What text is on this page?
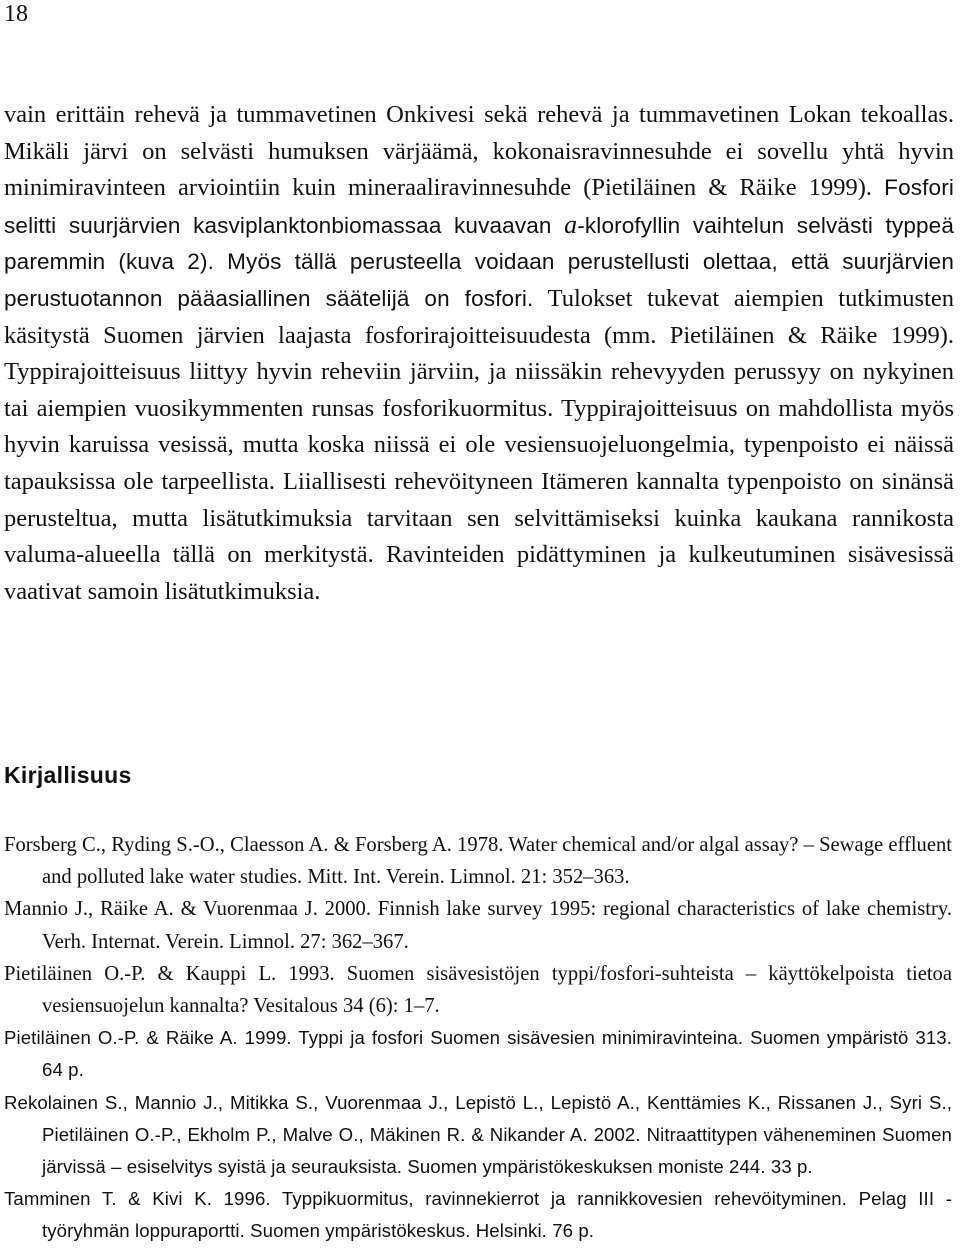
18
vain erittäin rehevä ja tummavetinen Onkivesi sekä rehevä ja tummavetinen Lokan tekoallas. Mikäli järvi on selvästi humuksen värjäämä, kokonaisravinnesuhde ei sovellu yhtä hyvin minimiravinteen arviointiin kuin mineraaliravinnesuhde (Pietiläinen & Räike 1999). Fosfori selitti suurjärvien kasviplanktonbiomassaa kuvaavan a-klorofyllin vaihtelun selvästi typpeä paremmin (kuva 2). Myös tällä perusteella voidaan perustellusti olettaa, että suurjärvien perustuotannon pääasiallinen säätelijä on fosfori. Tulokset tukevat aiempien tutkimusten käsitystä Suomen järvien laajasta fosforirajoitteisuudesta (mm. Pietiläinen & Räike 1999). Typpirajoitteisuus liittyy hyvin reheviin järviin, ja niissäkin rehevyyden perussyy on nykyinen tai aiempien vuosikymmenten runsas fosforikuormitus. Typpirajoitteisuus on mahdollista myös hyvin karuissa vesissä, mutta koska niissä ei ole vesiensuojeluongelmia, typenpoisto ei näissä tapauksissa ole tarpeellista. Liiallisesti rehevöityneen Itämeren kannalta typenpoisto on sinänsä perusteltua, mutta lisätutkimuksia tarvitaan sen selvittämiseksi kuinka kaukana rannikosta valuma-alueella tällä on merkitystä. Ravinteiden pidättyminen ja kulkeutuminen sisävesissä vaativat samoin lisätutkimuksia.
Kirjallisuus

Forsberg C., Ryding S.-O., Claesson A. & Forsberg A. 1978. Water chemical and/or algal assay? – Sewage effluent and polluted lake water studies. Mitt. Int. Verein. Limnol. 21: 352–363.

Mannio J., Räike A. & Vuorenmaa J. 2000. Finnish lake survey 1995: regional characteristics of lake chemistry. Verh. Internat. Verein. Limnol. 27: 362–367.

Pietiläinen O.-P. & Kauppi L. 1993. Suomen sisävesistöjen typpi/fosfori-suhteista – käyttökelpoista tietoa vesiensuojelun kannalta? Vesitalous 34 (6): 1–7.

Pietiläinen O.-P. & Räike A. 1999. Typpi ja fosfori Suomen sisävesien minimiravinteina. Suomen ympäristö 313. 64 p.

Rekolainen S., Mannio J., Mitikka S., Vuorenmaa J., Lepistö L., Lepistö A., Kenttämies K., Rissanen J., Syri S., Pietiläinen O.-P., Ekholm P., Malve O., Mäkinen R. & Nikander A. 2002. Nitraattitypen väheneminen Suomen järvissä – esiselvitys syistä ja seurauksista. Suomen ympäristökeskuksen moniste 244. 33 p.

Tamminen T. & Kivi K. 1996. Typpikuormitus, ravinnekierrot ja rannikkovesien rehevöityminen. Pelag III -työryhmän loppuraportti. Suomen ympäristökeskus. Helsinki. 76 p.
